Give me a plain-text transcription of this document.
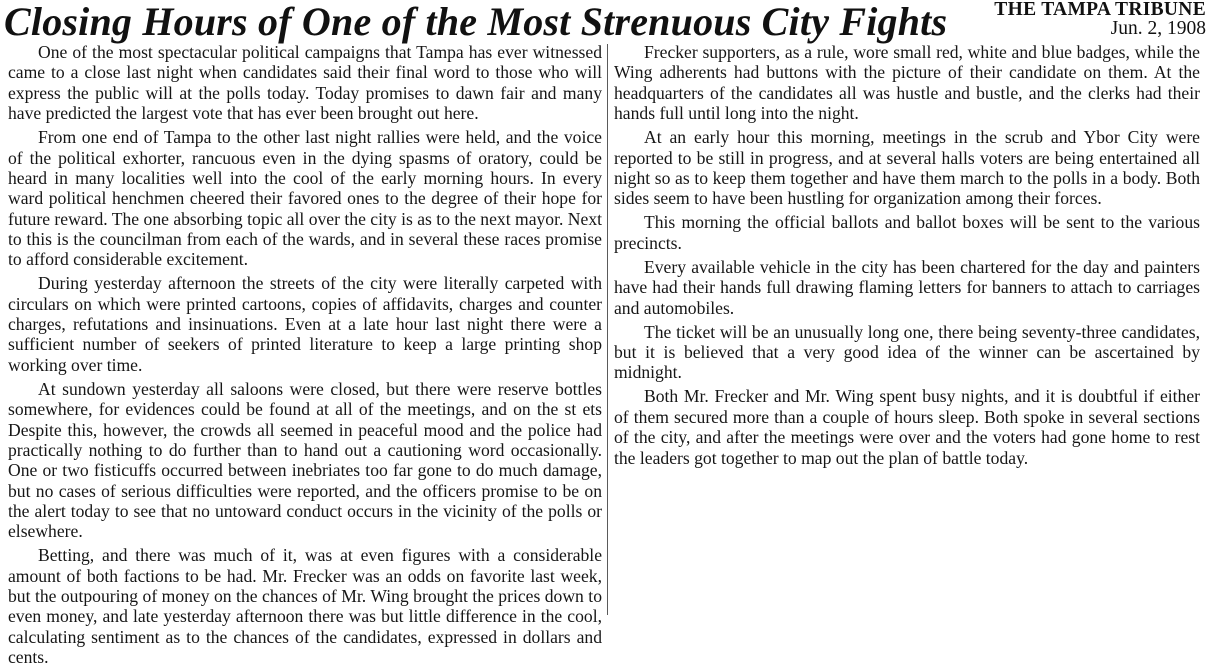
Closing Hours of One of the Most Strenuous City Fights THE TAMPA TRIBUNE
Jun. 2, 1908

One of the most spectacular political campaigns that Tampa has ever witnessed came to a close last night when candidates said their final word to those who will express the public will at the polls today. Today promises to dawn fair and many have predicted the largest vote that has ever been brought out here.

From one end of Tampa to the other last night rallies were held, and the voice of the political exhorter, rancuous even in the dying spasms of oratory, could be heard in many localities well into the cool of the early morning hours. In every ward political henchmen cheered their favored ones to the degree of their hope for future reward. The one absorbing topic all over the city is as to the next mayor. Next to this is the councilman from each of the wards, and in several these races promise to afford considerable excitement.

During yesterday afternoon the streets of the city were literally carpeted with circulars on which were printed cartoons, copies of affidavits, charges and counter charges, refutations and insinuations. Even at a late hour last night there were a sufficient number of seekers of printed literature to keep a large printing shop working over time.

At sundown yesterday all saloons were closed, but there were reserve bottles somewhere, for evidences could be found at all of the meetings, and on the st ets Despite this, however, the crowds all seemed in peaceful mood and the police had practically nothing to do further than to hand out a cautioning word occasionally. One or two fisticuffs occurred between inebriates too far gone to do much damage, but no cases of serious difficulties were reported, and the officers promise to be on the alert today to see that no untoward conduct occurs in the vicinity of the polls or elsewhere.

Betting, and there was much of it, was at even figures with a considerable amount of both factions to be had. Mr. Frecker was an odds on favorite last week, but the outpouring of money on the chances of Mr. Wing brought the prices down to even money, and late yesterday afternoon there was but little difference in the cool, calculating sentiment as to the chances of the candidates, expressed in dollars and cents.

Frecker supporters, as a rule, wore small red, white and blue badges, while the Wing adherents had buttons with the picture of their candidate on them. At the headquarters of the candidates all was hustle and bustle, and the clerks had their hands full until long into the night.

At an early hour this morning, meetings in the scrub and Ybor City were reported to be still in progress, and at several halls voters are being entertained all night so as to keep them together and have them march to the polls in a body. Both sides seem to have been hustling for organization among their forces.

This morning the official ballots and ballot boxes will be sent to the various precincts.

Every available vehicle in the city has been chartered for the day and painters have had their hands full drawing flaming letters for banners to attach to carriages and automobiles.

The ticket will be an unusually long one, there being seventy-three candidates, but it is believed that a very good idea of the winner can be ascertained by midnight.

Both Mr. Frecker and Mr. Wing spent busy nights, and it is doubtful if either of them secured more than a couple of hours sleep. Both spoke in several sections of the city, and after the meetings were over and the voters had gone home to rest the leaders got together to map out the plan of battle today.
